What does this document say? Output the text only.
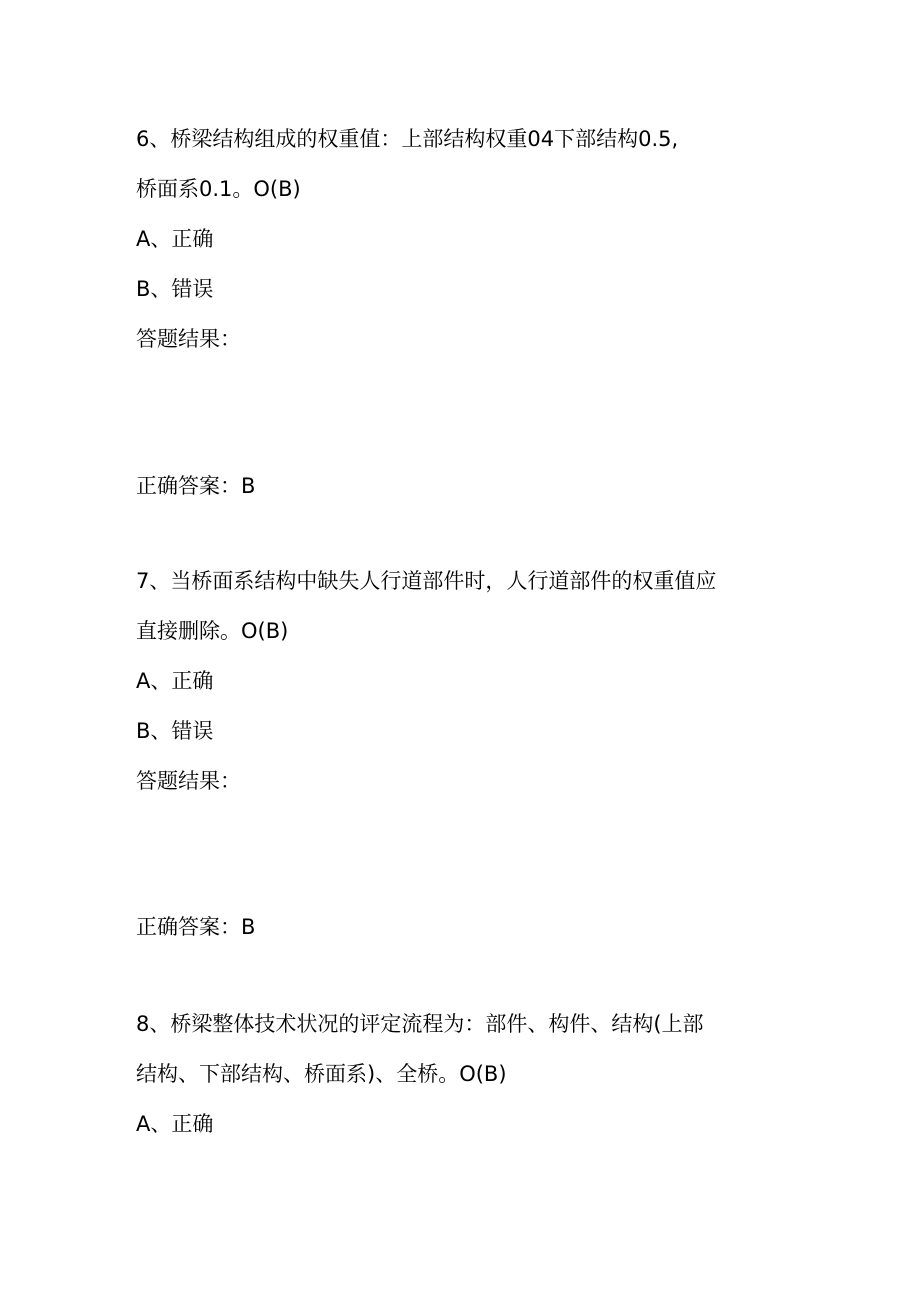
6、桥梁结构组成的权重值：上部结构权重04下部结构0.5,
桥面系0.1。O(B)
A、正确
B、错误
答题结果：
正确答案：B
7、当桥面系结构中缺失人行道部件时，人行道部件的权重值应
直接删除。O(B)
A、正确
B、错误
答题结果：
正确答案：B
8、桥梁整体技术状况的评定流程为：部件、构件、结构(上部
结构、下部结构、桥面系)、全桥。O(B)
A、正确
